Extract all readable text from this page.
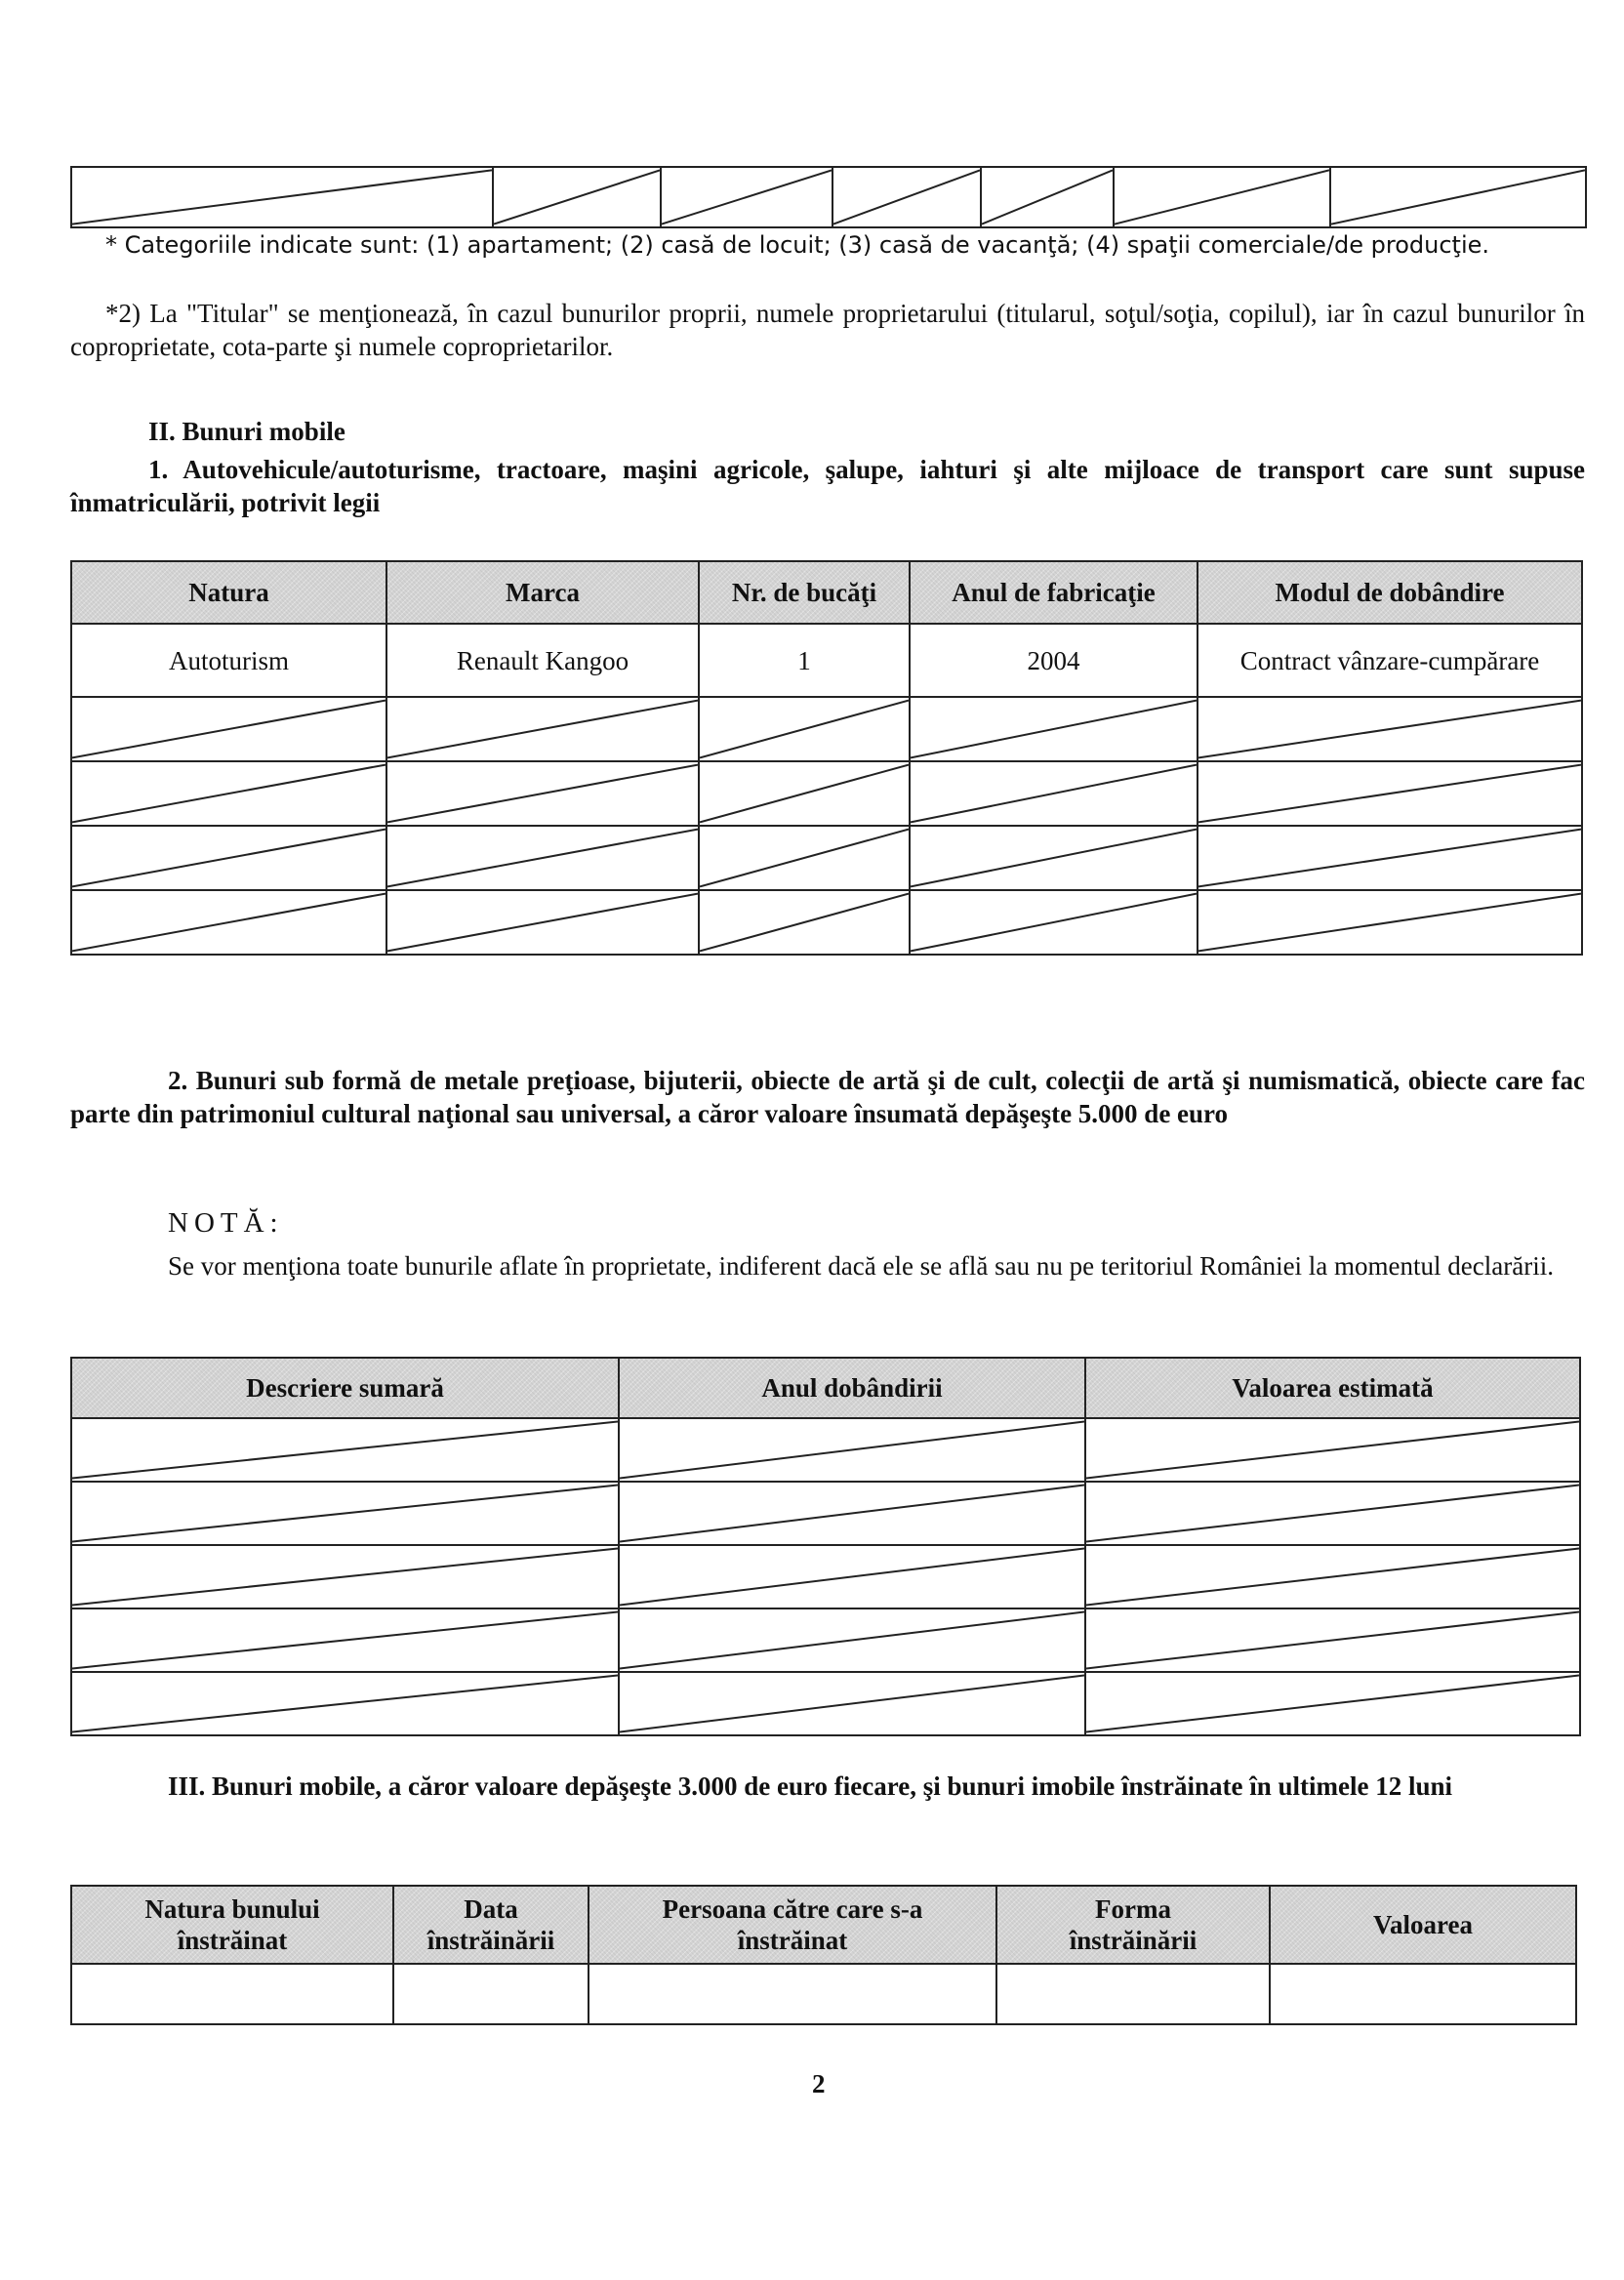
* Categoriile indicate sunt: (1) apartament; (2) casă de locuit; (3) casă de vacanţă; (4) spaţii comerciale/de producţie.

*2) La "Titular" se menţionează, în cazul bunurilor proprii, numele proprietarului (titularul, soţul/soţia, copilul), iar în cazul bunurilor în coproprietate, cota-parte şi numele coproprietarilor.

II. Bunuri mobile

1. Autovehicule/autoturisme, tractoare, maşini agricole, şalupe, iahturi şi alte mijloace de transport care sunt supuse înmatriculării, potrivit legii

Natura	Marca	Nr. de bucăţi	Anul de fabricaţie	Modul de dobândire
Autoturism	Renault Kangoo	1	2004	Contract vânzare-cumpărare

2. Bunuri sub formă de metale preţioase, bijuterii, obiecte de artă şi de cult, colecţii de artă şi numismatică, obiecte care fac parte din patrimoniul cultural naţional sau universal, a căror valoare însumată depăşeşte 5.000 de euro

NOTĂ:

Se vor menţiona toate bunurile aflate în proprietate, indiferent dacă ele se află sau nu pe teritoriul României la momentul declarării.

Descriere sumară	Anul dobândirii	Valoarea estimată

III. Bunuri mobile, a căror valoare depăşeşte 3.000 de euro fiecare, şi bunuri imobile înstrăinate în ultimele 12 luni

Natura bunului înstrăinat	Data înstrăinării	Persoana către care s-a înstrăinat	Forma înstrăinării	Valoarea

2
